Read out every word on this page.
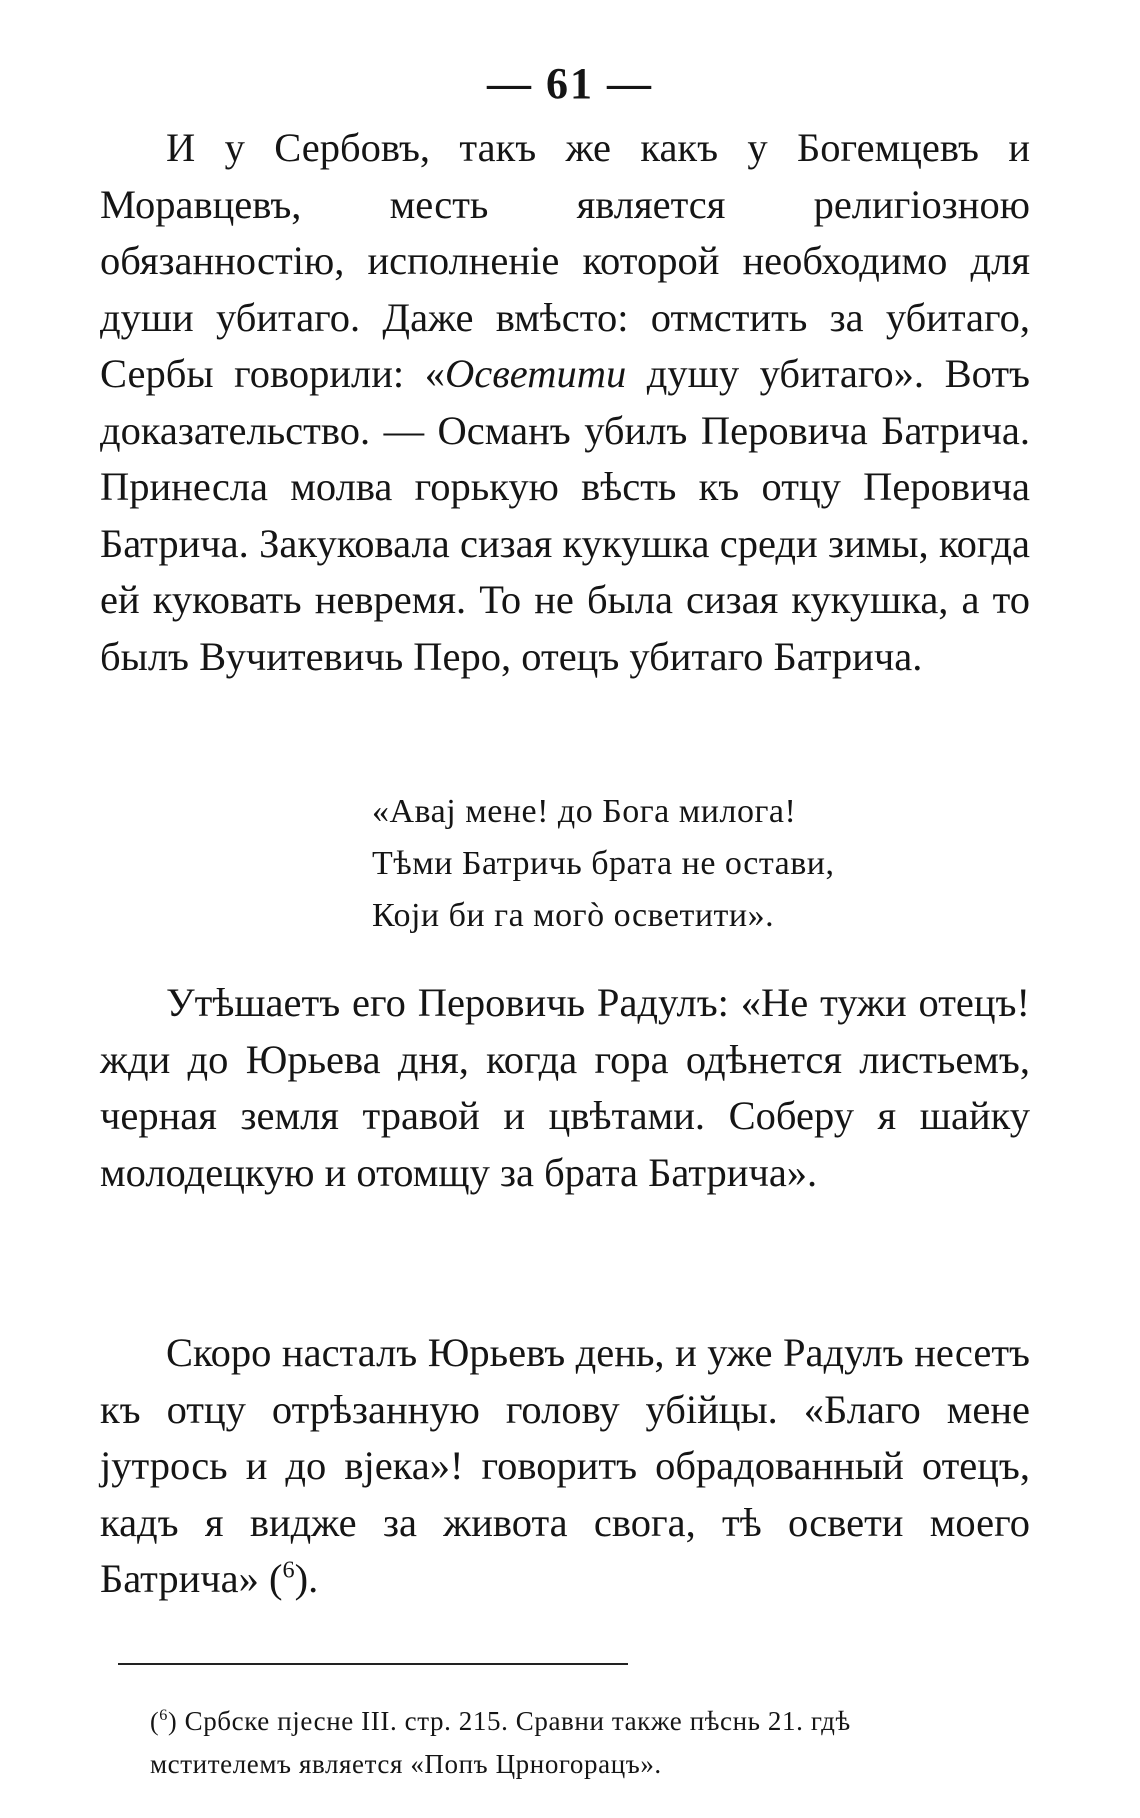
— 61 —

И у Сербовъ, такъ же какъ у Богемцевъ и Моравцевъ, месть является религіозною обязанностію, исполненіе которой необходимо для души убитаго. Даже вмѣсто: отмстить за убитаго, Сербы говорили: «Осветити душу убитаго». Вотъ доказательство. — Османъ убилъ Перовича Батрича. Принесла молва горькую вѣсть къ отцу Перовича Батрича. Закуковала сизая кукушка среди зимы, когда ей куковать невремя. То не была сизая кукушка, а то былъ Вучитевичь Перо, отецъ убитаго Батрича.

«Авај мене! до Бога милога!
Тѣми Батричь брата не остави,
Који би га могò осветити».

Утѣшаетъ его Перовичь Радулъ: «Не тужи отецъ! жди до Юрьева дня, когда гора одѣнется листьемъ, черная земля травой и цвѣтами. Соберу я шайку молодецкую и отомщу за брата Батрича».

Скоро насталъ Юрьевъ день, и уже Радулъ несетъ къ отцу отрѣзанную голову убійцы. «Благо мене јутрось и до вјека»! говоритъ обрадованный отецъ, кадъ я видже за живота свога, тѣ освети моего Батрича» ($^6$).

($^6$) Србске пјесне III. стр. 215. Сравни также пѣснь 21. гдѣ
мстителемъ является «Попъ Црногорацъ».
